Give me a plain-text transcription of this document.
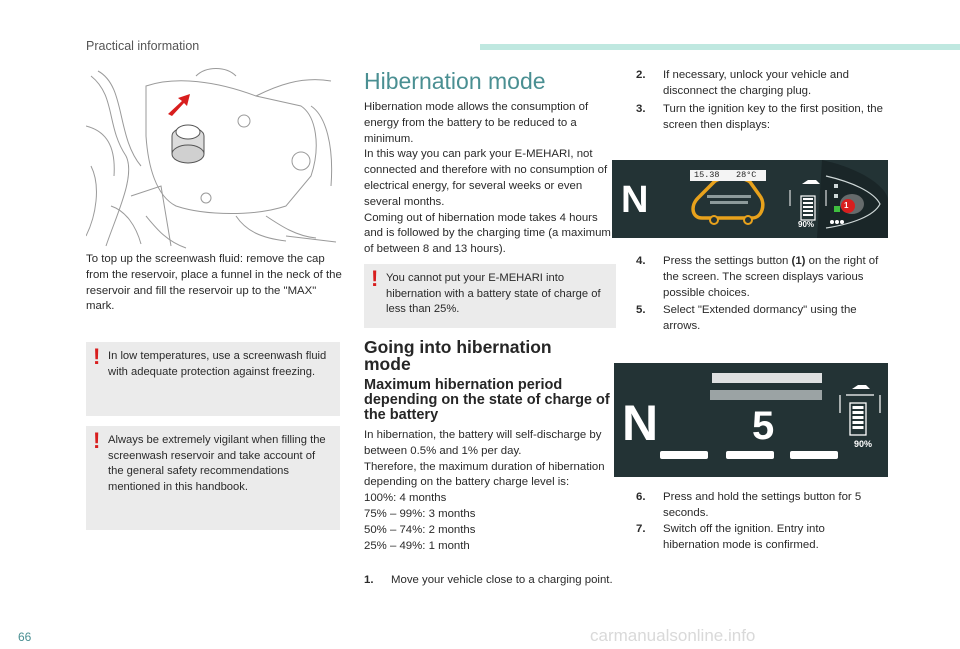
Practical information
To top up the screenwash fluid: remove the cap from the reservoir, place a funnel in the neck of the reservoir and fill the reservoir up to the "MAX" mark.
! In low temperatures, use a screenwash fluid with adequate protection against freezing.
! Always be extremely vigilant when filling the screenwash reservoir and take account of the general safety recommendations mentioned in this handbook.
Hibernation mode
Hibernation mode allows the consumption of energy from the battery to be reduced to a minimum.
In this way you can park your E-MEHARI, not connected and therefore with no consumption of electrical energy, for several weeks or even several months.
Coming out of hibernation mode takes 4 hours and is followed by the charging time (a maximum of between 8 and 13 hours).
! You cannot put your E-MEHARI into hibernation with a battery state of charge of less than 25%.
Going into hibernation mode
Maximum hibernation period depending on the state of charge of the battery
In hibernation, the battery will self-discharge by between 0.5% and 1% per day.
Therefore, the maximum duration of hibernation depending on the battery charge level is:
100%: 4 months
75% – 99%: 3 months
50% – 74%: 2 months
25% – 49%: 1 month
1. Move your vehicle close to a charging point.
2. If necessary, unlock your vehicle and disconnect the charging plug.
3. Turn the ignition key to the first position, the screen then displays:
15.38 28°C
N
90%
1
4. Press the settings button (1) on the right of the screen. The screen displays various possible choices.
5. Select "Extended dormancy" using the arrows.
N 5	90%
6. Press and hold the settings button for 5 seconds.
7. Switch off the ignition. Entry into hibernation mode is confirmed.
66	carmanualsonline.info
